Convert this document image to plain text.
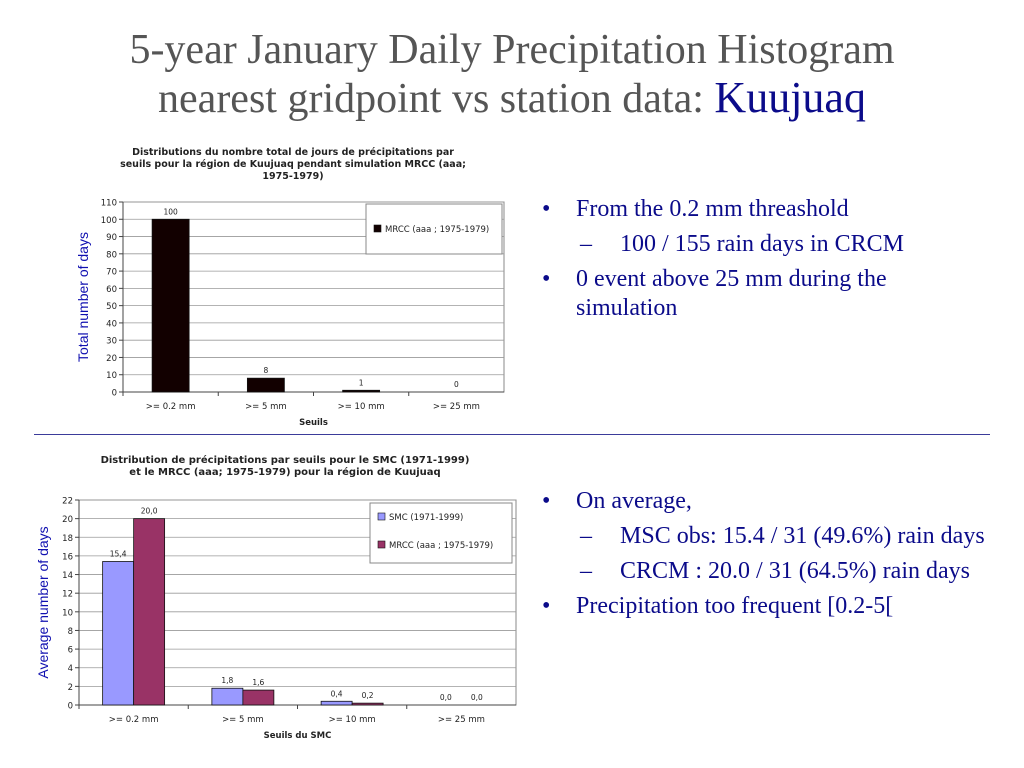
5-year January Daily Precipitation Histogram
nearest gridpoint vs station data: Kuujuaq
Distributions du nombre total de jours de précipitations par
seuils pour la région de Kuujuaq pendant simulation MRCC (aaa;
1975-1979)
0
10
20
30
40
50
60
70
80
90
100
110
>= 0.2 mm
100
>= 5 mm
8
>= 10 mm
1
>= 25 mm
0
Seuils
Total number of days
MRCC (aaa ; 1975-1979)
Distribution de précipitations par seuils pour le SMC (1971-1999)
et le MRCC (aaa; 1975-1979) pour la région de Kuujuaq
0
2
4
6
8
10
12
14
16
18
20
22
>= 0.2 mm
15,4
20,0
>= 5 mm
1,8	1,6
>= 10 mm
0,4	0,2
>= 25 mm
0,0	0,0
Seuils du SMC
Average number of days
SMC (1971-1999)
MRCC (aaa ; 1975-1979)
• From the 0.2 mm threashold
– 100 / 155 rain days in CRCM
• 0 event above 25 mm during the simulation
• On average,
– MSC obs: 15.4 / 31 (49.6%) rain days
– CRCM : 20.0 / 31 (64.5%) rain days
• Precipitation too frequent [0.2-5[
